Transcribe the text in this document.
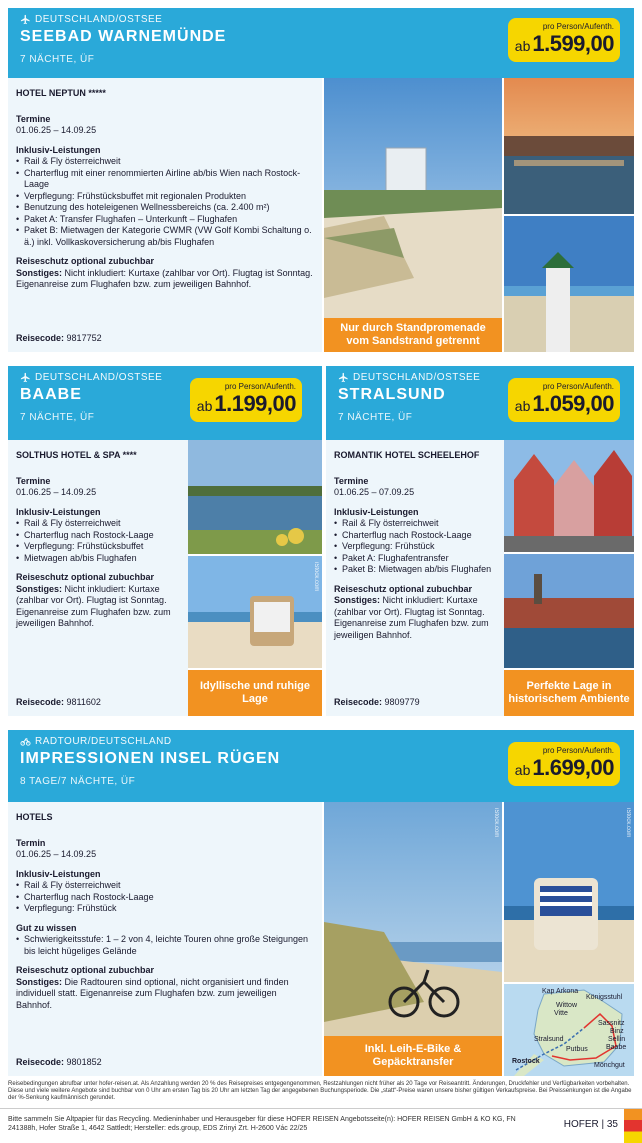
DEUTSCHLAND/OSTSEE
SEEBAD WARNEMÜNDE
7 NÄCHTE, ÜF
pro Person/Aufenth.
ab 1.599,00
HOTEL NEPTUN *****
Termine
01.06.25 – 14.09.25
Inklusiv-Leistungen
• Rail & Fly österreichweit
• Charterflug mit einer renommierten Airline ab/bis Wien nach Rostock-Laage
• Verpflegung: Frühstücksbuffet mit regionalen Produkten
• Benutzung des hoteleigenen Wellnessbereichs (ca. 2.400 m²)
• Paket A: Transfer Flughafen – Unterkunft – Flughafen
• Paket B: Mietwagen der Kategorie CWMR (VW Golf Kombi Schaltung o. ä.) inkl. Vollkaskoversicherung ab/bis Flughafen
Reiseschutz optional zubuchbar
Sonstiges: Nicht inkludiert: Kurtaxe (zahlbar vor Ort). Flugtag ist Sonntag. Eigenanreise zum Flughafen bzw. zum jeweiligen Bahnhof.
Reisecode: 9817752
Nur durch Standpromenade vom Sandstrand getrennt
DEUTSCHLAND/OSTSEE
BAABE
7 NÄCHTE, ÜF
pro Person/Aufenth.
ab 1.199,00
SOLTHUS HOTEL & SPA ****
Termine
01.06.25 – 14.09.25
Inklusiv-Leistungen
• Rail & Fly österreichweit
• Charterflug nach Rostock-Laage
• Verpflegung: Frühstücksbuffet
• Mietwagen ab/bis Flughafen
Reiseschutz optional zubuchbar
Sonstiges: Nicht inkludiert: Kurtaxe (zahlbar vor Ort). Flugtag ist Sonntag. Eigenanreise zum Flughafen bzw. zum jeweiligen Bahnhof.
Reisecode: 9811602
iStock.com
Idyllische und ruhige Lage
DEUTSCHLAND/OSTSEE
STRALSUND
7 NÄCHTE, ÜF
pro Person/Aufenth.
ab 1.059,00
ROMANTIK HOTEL SCHEELEHOF
Termine
01.06.25 – 07.09.25
Inklusiv-Leistungen
• Rail & Fly österreichweit
• Charterflug nach Rostock-Laage
• Verpflegung: Frühstück
• Paket A: Flughafentransfer
• Paket B: Mietwagen ab/bis Flughafen
Reiseschutz optional zubuchbar
Sonstiges: Nicht inkludiert: Kurtaxe (zahlbar vor Ort). Flugtag ist Sonntag. Eigenanreise zum Flughafen bzw. zum jeweiligen Bahnhof.
Reisecode: 9809779
Perfekte Lage in historischem Ambiente
RADTOUR/DEUTSCHLAND
IMPRESSIONEN INSEL RÜGEN
8 TAGE/7 NÄCHTE, ÜF
pro Person/Aufenth.
ab 1.699,00
HOTELS
Termin
01.06.25 – 14.09.25
Inklusiv-Leistungen
• Rail & Fly österreichweit
• Charterflug nach Rostock-Laage
• Verpflegung: Frühstück
Gut zu wissen
• Schwierigkeitsstufe: 1 – 2 von 4, leichte Touren ohne große Steigungen bis leicht hügeliges Gelände
Reiseschutz optional zubuchbar
Sonstiges: Die Radtouren sind optional, nicht organisiert und finden individuell statt. Eigenanreise zum Flughafen bzw. zum jeweiligen Bahnhof.
Reisecode: 9801852
iStock.com
Inkl. Leih-E-Bike & Gepäcktransfer
iStock.com
Kap Arkona
Königsstuhl
Wittow
Vitte
Sassnitz
Binz
Sellin
Baabe
Stralsund
Putbus
Rostock
Mönchgut
Reisebedingungen abrufbar unter hofer-reisen.at. Als Anzahlung werden 20 % des Reisepreises entgegengenommen, Restzahlungen nicht früher als 20 Tage vor Reiseantritt. Änderungen, Druckfehler und Verfügbarkeiten vorbehalten. Diese und viele weitere Angebote sind buchbar von 0 Uhr am ersten Tag bis 20 Uhr am letzten Tag der angegebenen Buchungsperiode. Die „statt“-Preise waren unsere bisher gültigen Verkaufspreise. Bei Preissenkungen ist die Angabe der %-Senkung kaufmännisch gerundet.
Bitte sammeln Sie Altpapier für das Recycling. Medieninhaber und Herausgeber für diese HOFER REISEN Angebotsseite(n): HOFER REISEN GmbH & KO KG, FN 241388h, Hofer Straße 1, 4642 Sattledt; Hersteller: eds.group, EDS Zrinyi Zrt. H-2600 Vác 22/25	HOFER | 35
